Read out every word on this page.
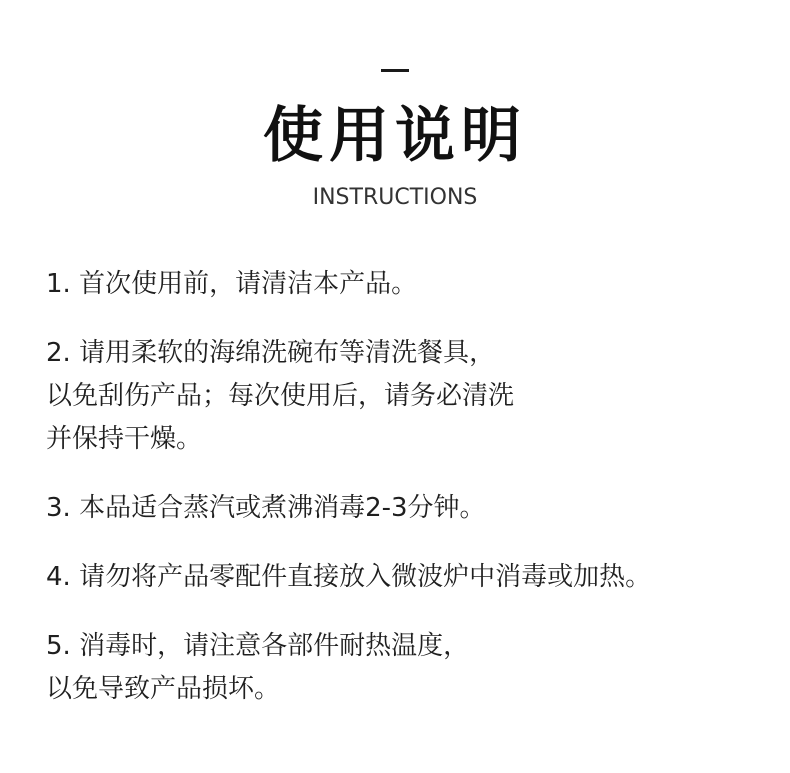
使用说明
INSTRUCTIONS
1. 首次使用前，请清洁本产品。
2. 请用柔软的海绵洗碗布等清洗餐具，
以免刮伤产品；每次使用后，请务必清洗
并保持干燥。
3. 本品适合蒸汽或煮沸消毒2-3分钟。
4. 请勿将产品零配件直接放入微波炉中消毒或加热。
5. 消毒时，请注意各部件耐热温度，
以免导致产品损坏。
